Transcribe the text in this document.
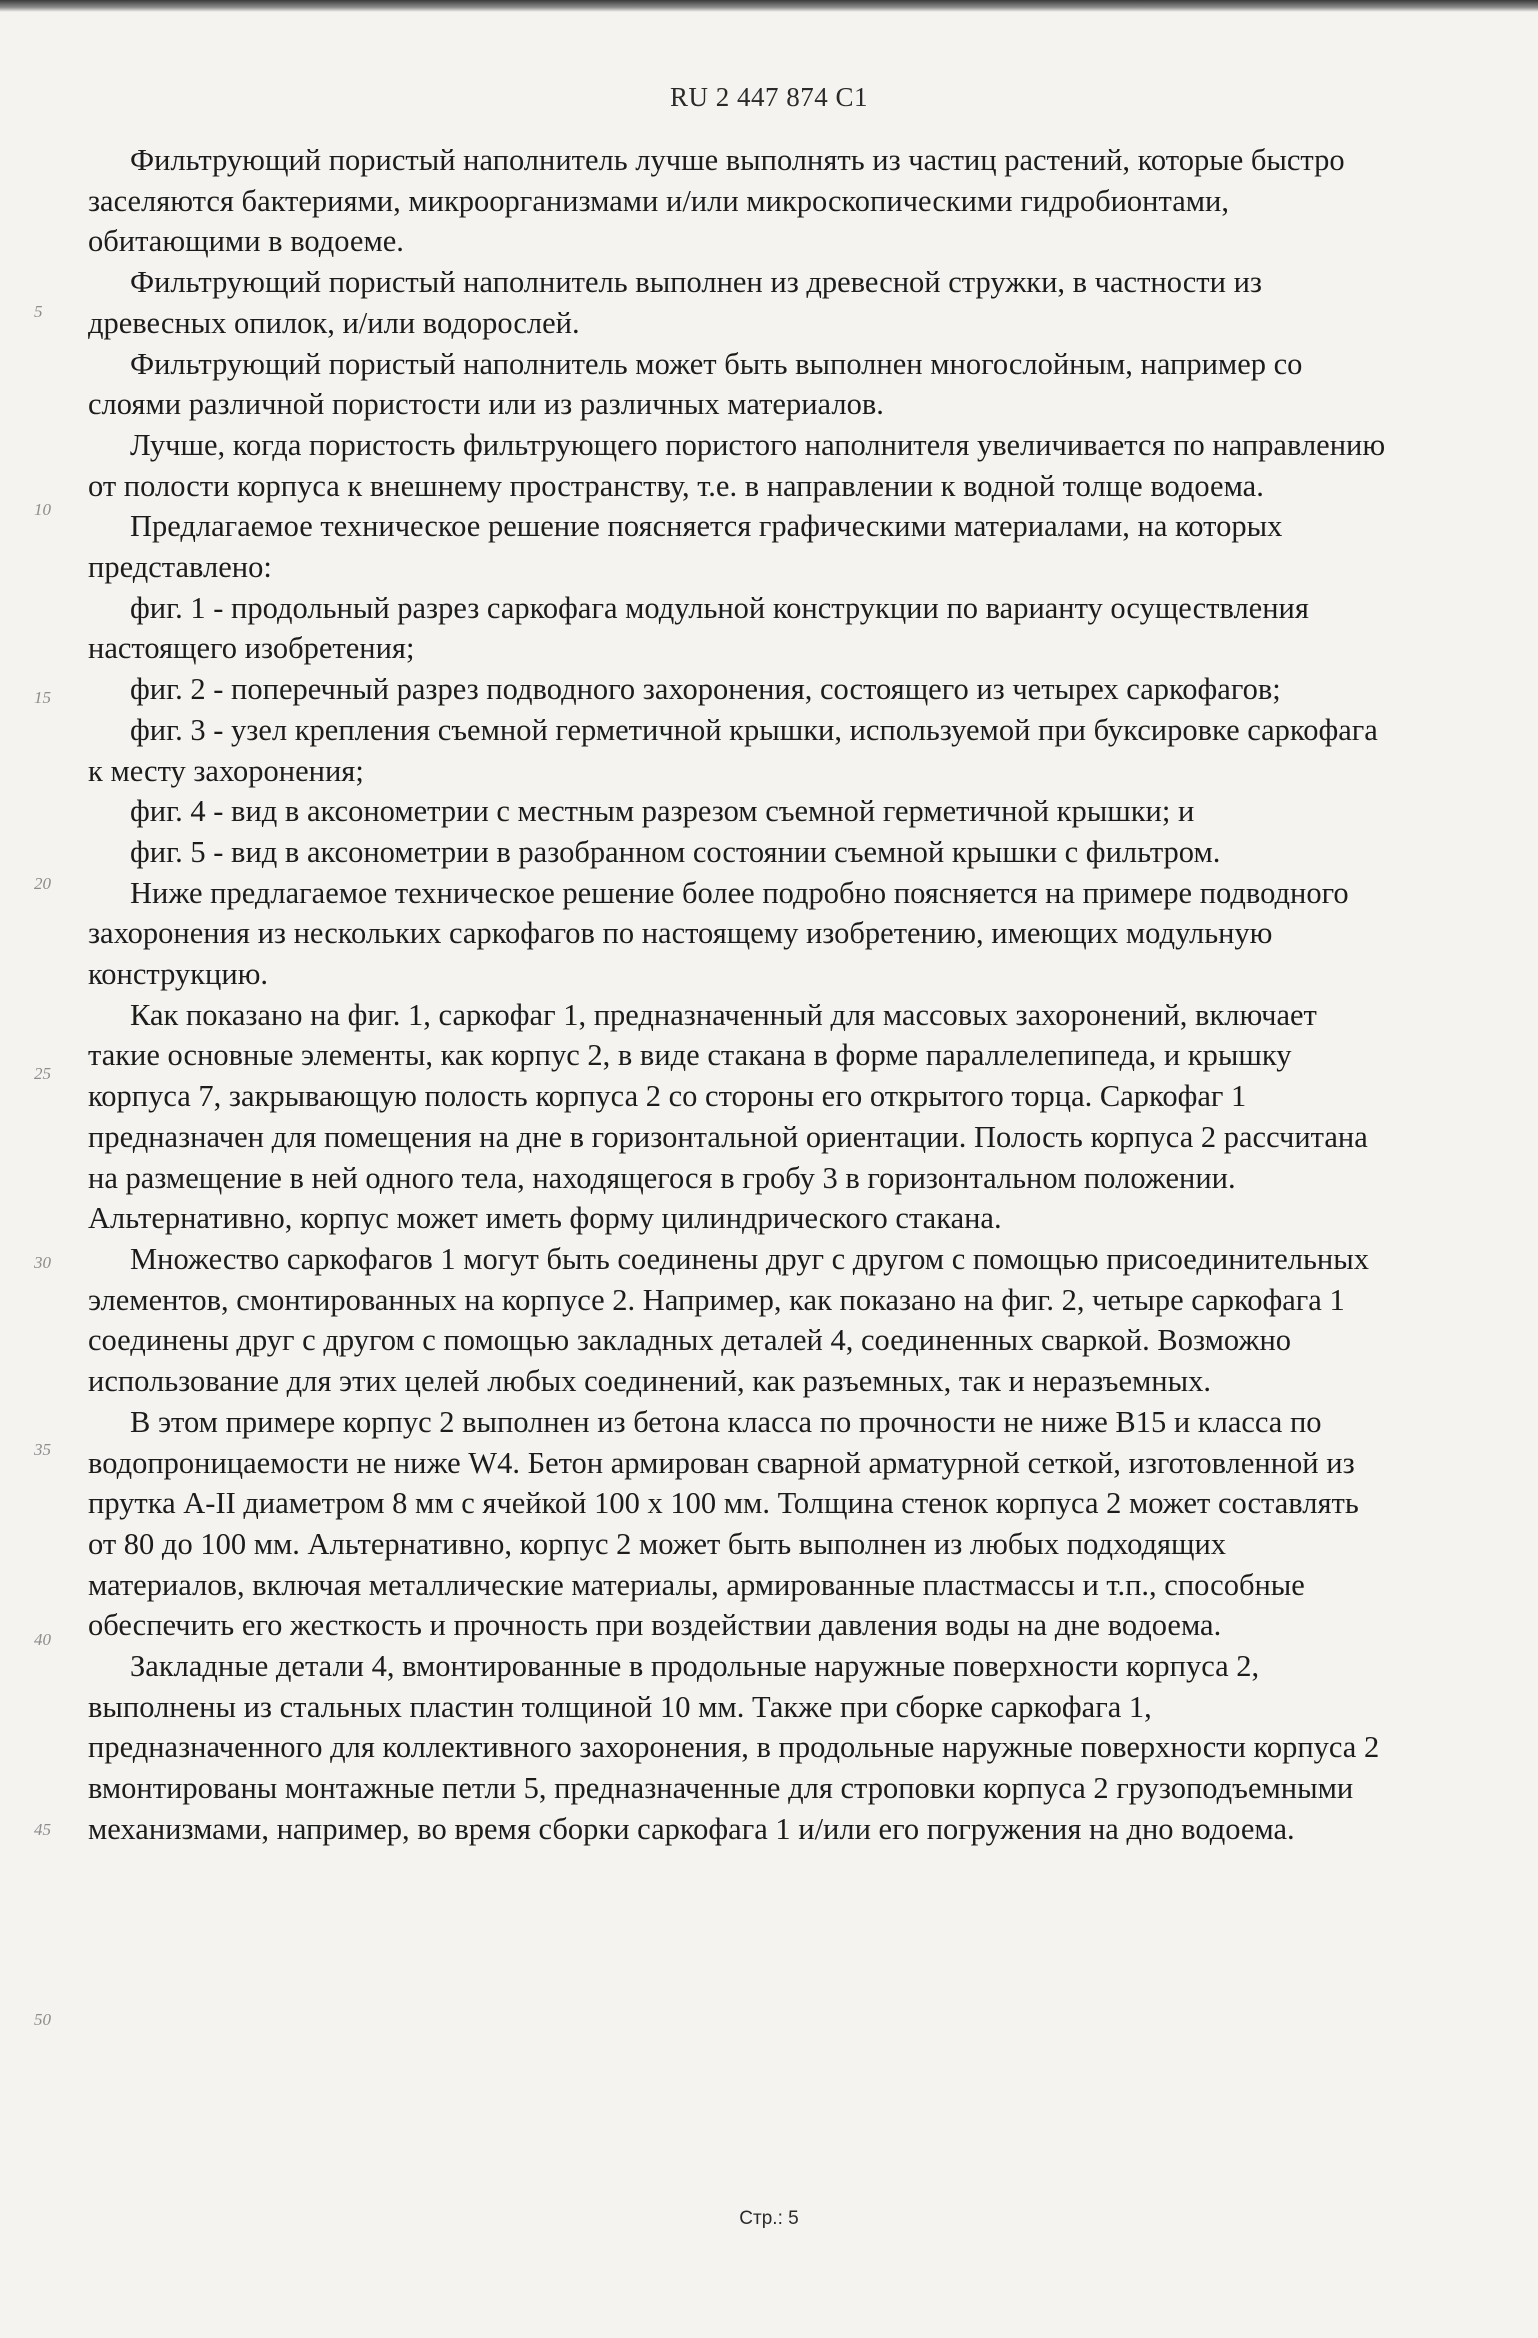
RU 2 447 874 C1
5
10
15
20
25
30
35
40
45
50

Фильтрующий пористый наполнитель лучше выполнять из частиц растений, которые быстро заселяются бактериями, микроорганизмами и/или микроскопическими гидробионтами, обитающими в водоеме.

Фильтрующий пористый наполнитель выполнен из древесной стружки, в частности из древесных опилок, и/или водорослей.

Фильтрующий пористый наполнитель может быть выполнен многослойным, например со слоями различной пористости или из различных материалов.

Лучше, когда пористость фильтрующего пористого наполнителя увеличивается по направлению от полости корпуса к внешнему пространству, т.е. в направлении к водной толще водоема.

Предлагаемое техническое решение поясняется графическими материалами, на которых представлено:

фиг. 1 - продольный разрез саркофага модульной конструкции по варианту осуществления настоящего изобретения;

фиг. 2 - поперечный разрез подводного захоронения, состоящего из четырех саркофагов;

фиг. 3 - узел крепления съемной герметичной крышки, используемой при буксировке саркофага к месту захоронения;

фиг. 4 - вид в аксонометрии с местным разрезом съемной герметичной крышки; и

фиг. 5 - вид в аксонометрии в разобранном состоянии съемной крышки с фильтром.

Ниже предлагаемое техническое решение более подробно поясняется на примере подводного захоронения из нескольких саркофагов по настоящему изобретению, имеющих модульную конструкцию.

Как показано на фиг. 1, саркофаг 1, предназначенный для массовых захоронений, включает такие основные элементы, как корпус 2, в виде стакана в форме параллелепипеда, и крышку корпуса 7, закрывающую полость корпуса 2 со стороны его открытого торца. Саркофаг 1 предназначен для помещения на дне в горизонтальной ориентации. Полость корпуса 2 рассчитана на размещение в ней одного тела, находящегося в гробу 3 в горизонтальном положении. Альтернативно, корпус может иметь форму цилиндрического стакана.

Множество саркофагов 1 могут быть соединены друг с другом с помощью присоединительных элементов, смонтированных на корпусе 2. Например, как показано на фиг. 2, четыре саркофага 1 соединены друг с другом с помощью закладных деталей 4, соединенных сваркой. Возможно использование для этих целей любых соединений, как разъемных, так и неразъемных.

В этом примере корпус 2 выполнен из бетона класса по прочности не ниже В15 и класса по водопроницаемости не ниже W4. Бетон армирован сварной арматурной сеткой, изготовленной из прутка А-II диаметром 8 мм с ячейкой 100 х 100 мм. Толщина стенок корпуса 2 может составлять от 80 до 100 мм. Альтернативно, корпус 2 может быть выполнен из любых подходящих материалов, включая металлические материалы, армированные пластмассы и т.п., способные обеспечить его жесткость и прочность при воздействии давления воды на дне водоема.

Закладные детали 4, вмонтированные в продольные наружные поверхности корпуса 2, выполнены из стальных пластин толщиной 10 мм. Также при сборке саркофага 1, предназначенного для коллективного захоронения, в продольные наружные поверхности корпуса 2 вмонтированы монтажные петли 5, предназначенные для строповки корпуса 2 грузоподъемными механизмами, например, во время сборки саркофага 1 и/или его погружения на дно водоема.

Стр.: 5
